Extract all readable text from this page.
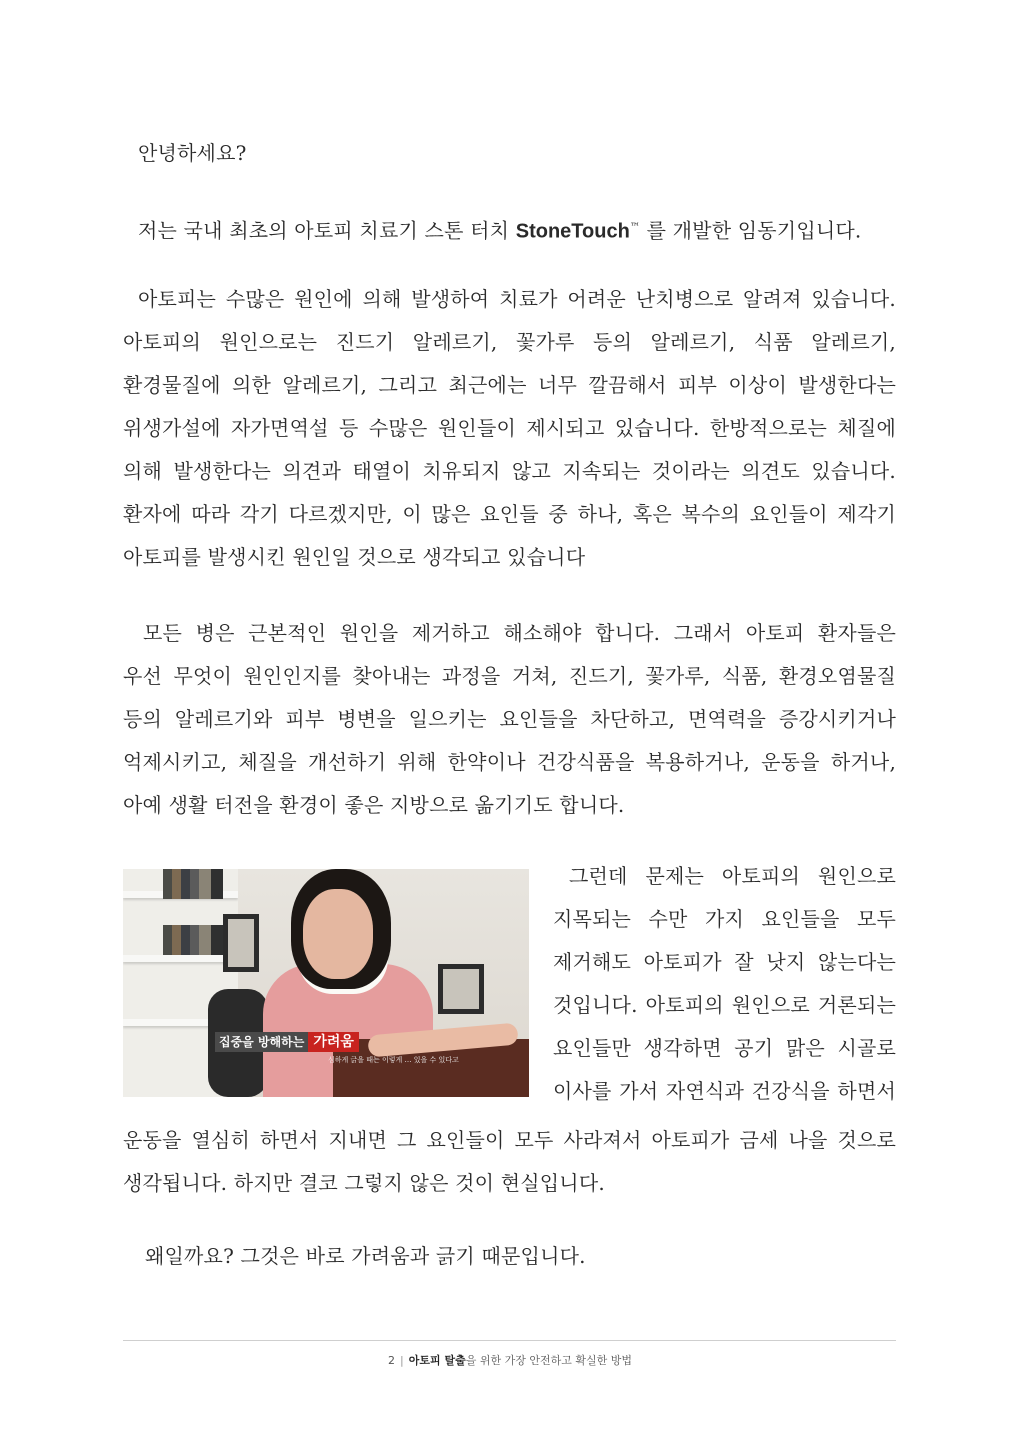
안녕하세요?
저는 국내 최초의 아토피 치료기 스톤 터치 StoneTouch™ 를 개발한 임동기입니다.
아토피는 수많은 원인에 의해 발생하여 치료가 어려운 난치병으로 알려져 있습니다.
아토피의 원인으로는 진드기 알레르기, 꽃가루 등의 알레르기, 식품 알레르기,
환경물질에 의한 알레르기, 그리고 최근에는 너무 깔끔해서 피부 이상이 발생한다는
위생가설에 자가면역설 등 수많은 원인들이 제시되고 있습니다. 한방적으로는 체질에
의해 발생한다는 의견과 태열이 치유되지 않고 지속되는 것이라는 의견도 있습니다.
환자에 따라 각기 다르겠지만, 이 많은 요인들 중 하나, 혹은 복수의 요인들이 제각기
아토피를 발생시킨 원인일 것으로 생각되고 있습니다
모든 병은 근본적인 원인을 제거하고 해소해야 합니다. 그래서 아토피 환자들은
우선 무엇이 원인인지를 찾아내는 과정을 거쳐, 진드기, 꽃가루, 식품, 환경오염물질
등의 알레르기와 피부 병변을 일으키는 요인들을 차단하고, 면역력을 증강시키거나
억제시키고, 체질을 개선하기 위해 한약이나 건강식품을 복용하거나, 운동을 하거나,
아예 생활 터전을 환경이 좋은 지방으로 옮기기도 합니다.
집중을 방해하는 가려움
심하게 긁을 때는 이렇게 … 있을 수 있다고
그런데 문제는 아토피의 원인으로
지목되는 수만 가지 요인들을 모두
제거해도 아토피가 잘 낫지 않는다는
것입니다. 아토피의 원인으로 거론되는
요인들만 생각하면 공기 맑은 시골로
이사를 가서 자연식과 건강식을 하면서
운동을 열심히 하면서 지내면 그 요인들이 모두 사라져서 아토피가 금세 나을 것으로
생각됩니다. 하지만 결코 그렇지 않은 것이 현실입니다.
왜일까요? 그것은 바로 가려움과 긁기 때문입니다.
2 | 아토피 탈출을 위한 가장 안전하고 확실한 방법
